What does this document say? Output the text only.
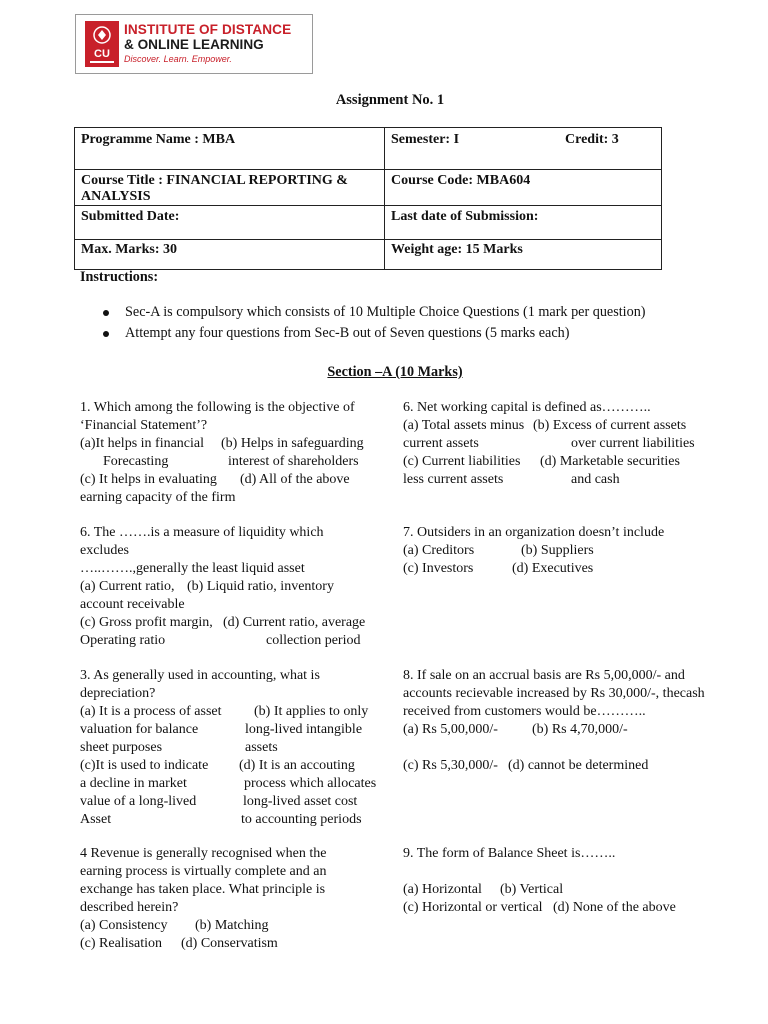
CU
INSTITUTE OF DISTANCE
& ONLINE LEARNING
Discover. Learn. Empower.
Assignment No. 1
Programme Name : MBA	Semester: I Credit: 3

Course Title : FINANCIAL REPORTING & ANALYSIS	Course Code: MBA604
Submitted Date:	Last date of Submission:
Max. Marks: 30	Weight age: 15 Marks
Instructions:
Sec-A is compulsory which consists of 10 Multiple Choice Questions (1 mark per question)
Attempt any four questions from Sec-B out of Seven questions (5 marks each)
Section –A (10 Marks)
1. Which among the following is the objective of
‘Financial Statement’?
(a)It helps in financial (b) Helps in safeguarding
Forecasting	interest of shareholders
(c) It helps in evaluating (d) All of the above
earning capacity of the firm
6. Net working capital is defined as………..
(a) Total assets minus (b) Excess of current assets
current assets	over current liabilities
(c) Current liabilities (d) Marketable securities
less current assets	and cash
6. The …….is a measure of liquidity which
excludes
…..…….,generally the least liquid asset
(a) Current ratio, (b) Liquid ratio, inventory
account receivable
(c) Gross profit margin, (d) Current ratio, average
Operating ratio	collection period
7. Outsiders in an organization doesn’t include
(a) Creditors	(b) Suppliers
(c) Investors	(d) Executives
3. As generally used in accounting, what is
depreciation?
(a) It is a process of asset (b) It applies to only
valuation for balance	long-lived intangible
sheet purposes	assets
(c)It is used to indicate (d) It is an accouting
a decline in market	process which allocates
value of a long-lived	long-lived asset cost
Asset	to accounting periods
8. If sale on an accrual basis are Rs 5,00,000/- and
accounts recievable increased by Rs 30,000/-, thecash
received from customers would be………..
(a) Rs 5,00,000/- (b) Rs 4,70,000/-
(c) Rs 5,30,000/- (d) cannot be determined
4 Revenue is generally recognised when the
earning process is virtually complete and an
exchange has taken place. What principle is
described herein?
(a) Consistency (b) Matching
(c) Realisation (d) Conservatism
9. The form of Balance Sheet is……..
(a) Horizontal (b) Vertical
(c) Horizontal or vertical (d) None of the above
